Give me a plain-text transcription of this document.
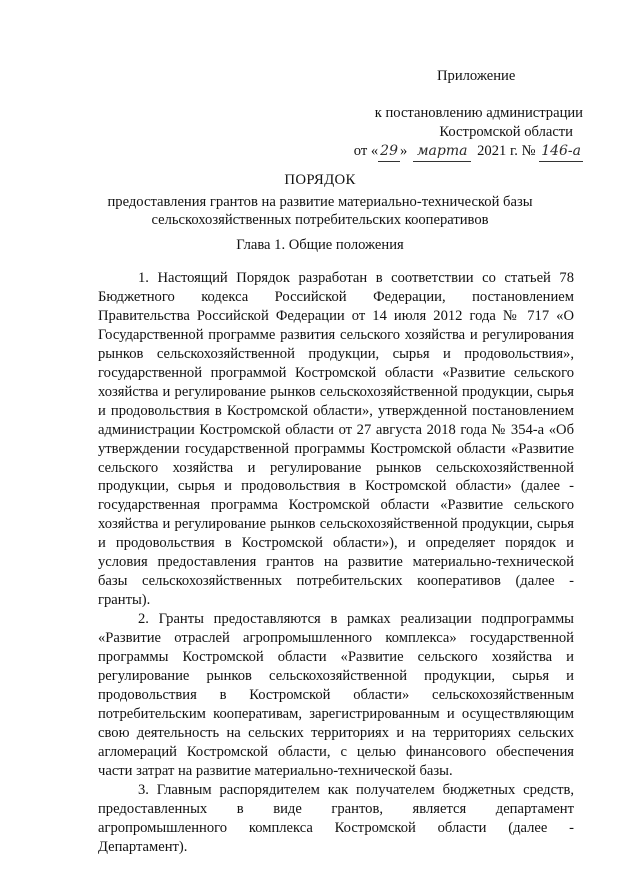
Приложение
к постановлению администрации
Костромской области
от « 29 » марта 2021 г. № 146-а
ПОРЯДОК
предоставления грантов на развитие материально-технической базы сельскохозяйственных потребительских кооперативов
Глава 1. Общие положения

1. Настоящий Порядок разработан в соответствии со статьей 78 Бюджетного кодекса Российской Федерации, постановлением Правительства Российской Федерации от 14 июля 2012 года № 717 «О Государственной программе развития сельского хозяйства и регулирования рынков сельскохозяйственной продукции, сырья и продовольствия», государственной программой Костромской области «Развитие сельского хозяйства и регулирование рынков сельскохозяйственной продукции, сырья и продовольствия в Костромской области», утвержденной постановлением администрации Костромской области от 27 августа 2018 года № 354-а «Об утверждении государственной программы Костромской области «Развитие сельского хозяйства и регулирование рынков сельскохозяйственной продукции, сырья и продовольствия в Костромской области» (далее - государственная программа Костромской области «Развитие сельского хозяйства и регулирование рынков сельскохозяйственной продукции, сырья и продовольствия в Костромской области»), и определяет порядок и условия предоставления грантов на развитие материально-технической базы сельскохозяйственных потребительских кооперативов (далее - гранты).

2. Гранты предоставляются в рамках реализации подпрограммы «Развитие отраслей агропромышленного комплекса» государственной программы Костромской области «Развитие сельского хозяйства и регулирование рынков сельскохозяйственной продукции, сырья и продовольствия в Костромской области» сельскохозяйственным потребительским кооперативам, зарегистрированным и осуществляющим свою деятельность на сельских территориях и на территориях сельских агломераций Костромской области, с целью финансового обеспечения части затрат на развитие материально-технической базы.

3. Главным распорядителем как получателем бюджетных средств, предоставленных в виде грантов, является департамент агропромышленного комплекса Костромской области (далее - Департамент).
